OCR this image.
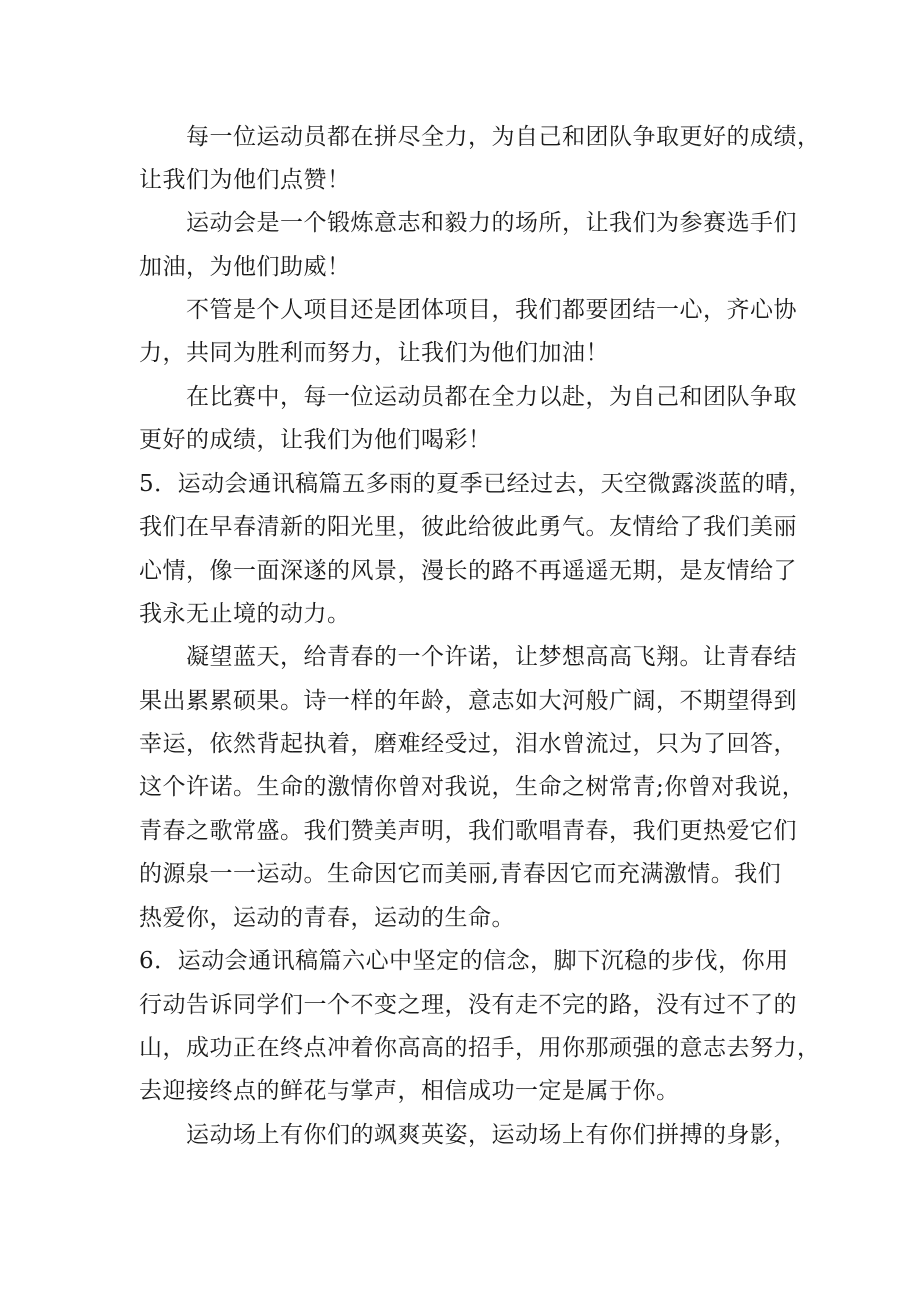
每一位运动员都在拼尽全力，为自己和团队争取更好的成绩，
让我们为他们点赞！
运动会是一个锻炼意志和毅力的场所，让我们为参赛选手们
加油，为他们助威！
不管是个人项目还是团体项目，我们都要团结一心，齐心协
力，共同为胜利而努力，让我们为他们加油！
在比赛中，每一位运动员都在全力以赴，为自己和团队争取
更好的成绩，让我们为他们喝彩！
5．运动会通讯稿篇五多雨的夏季已经过去，天空微露淡蓝的晴，
我们在早春清新的阳光里，彼此给彼此勇气。友情给了我们美丽
心情，像一面深遂的风景，漫长的路不再遥遥无期，是友情给了
我永无止境的动力。
凝望蓝天，给青春的一个许诺，让梦想高高飞翔。让青春结
果出累累硕果。诗一样的年龄，意志如大河般广阔，不期望得到
幸运，依然背起执着，磨难经受过，泪水曾流过，只为了回答，
这个许诺。生命的激情你曾对我说，生命之树常青;你曾对我说，
青春之歌常盛。我们赞美声明，我们歌唱青春，我们更热爱它们
的源泉一一运动。生命因它而美丽,青春因它而充满激情。我们
热爱你，运动的青春，运动的生命。
6．运动会通讯稿篇六心中坚定的信念，脚下沉稳的步伐，你用
行动告诉同学们一个不变之理，没有走不完的路，没有过不了的
山，成功正在终点冲着你高高的招手，用你那顽强的意志去努力，
去迎接终点的鲜花与掌声，相信成功一定是属于你。
运动场上有你们的飒爽英姿，运动场上有你们拼搏的身影，
